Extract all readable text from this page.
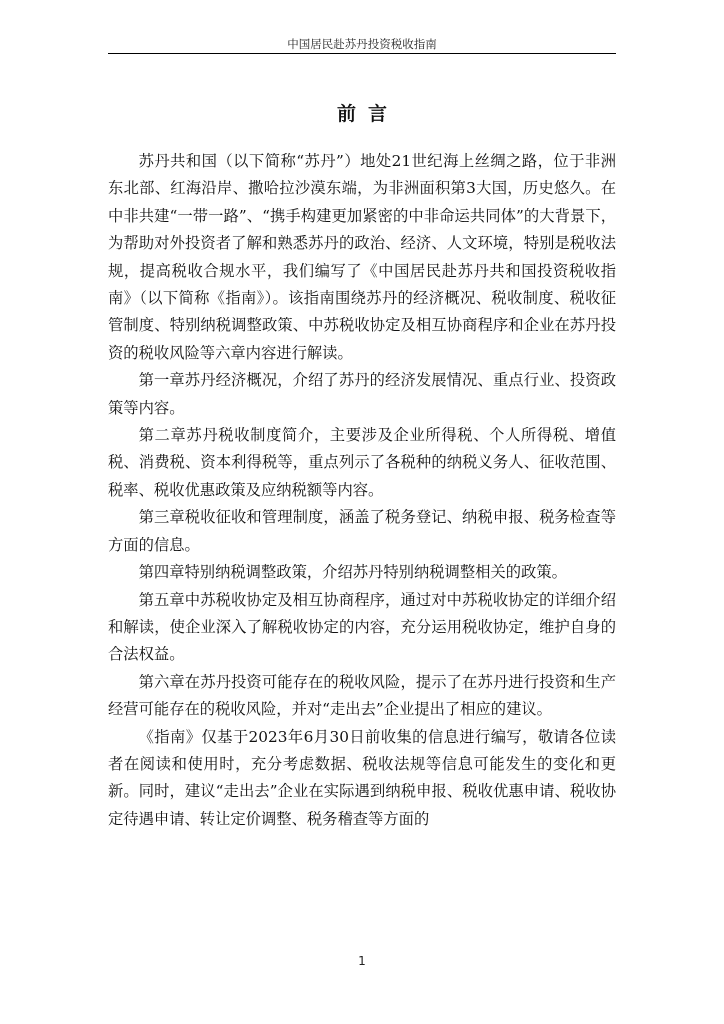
中国居民赴苏丹投资税收指南
前言

苏丹共和国（以下简称“苏丹”）地处21世纪海上丝绸之路，位于非洲东北部、红海沿岸、撒哈拉沙漠东端，为非洲面积第3大国，历史悠久。在中非共建“一带一路”、“携手构建更加紧密的中非命运共同体”的大背景下，为帮助对外投资者了解和熟悉苏丹的政治、经济、人文环境，特别是税收法规，提高税收合规水平，我们编写了《中国居民赴苏丹共和国投资税收指南》（以下简称《指南》）。该指南围绕苏丹的经济概况、税收制度、税收征管制度、特别纳税调整政策、中苏税收协定及相互协商程序和企业在苏丹投资的税收风险等六章内容进行解读。

第一章苏丹经济概况，介绍了苏丹的经济发展情况、重点行业、投资政策等内容。

第二章苏丹税收制度简介，主要涉及企业所得税、个人所得税、增值税、消费税、资本利得税等，重点列示了各税种的纳税义务人、征收范围、税率、税收优惠政策及应纳税额等内容。

第三章税收征收和管理制度，涵盖了税务登记、纳税申报、税务检查等方面的信息。

第四章特别纳税调整政策，介绍苏丹特别纳税调整相关的政策。

第五章中苏税收协定及相互协商程序，通过对中苏税收协定的详细介绍和解读，使企业深入了解税收协定的内容，充分运用税收协定，维护自身的合法权益。

第六章在苏丹投资可能存在的税收风险，提示了在苏丹进行投资和生产经营可能存在的税收风险，并对“走出去”企业提出了相应的建议。

《指南》仅基于2023年6月30日前收集的信息进行编写，敬请各位读者在阅读和使用时，充分考虑数据、税收法规等信息可能发生的变化和更新。同时，建议“走出去”企业在实际遇到纳税申报、税收优惠申请、税收协定待遇申请、转让定价调整、税务稽查等方面的

1
